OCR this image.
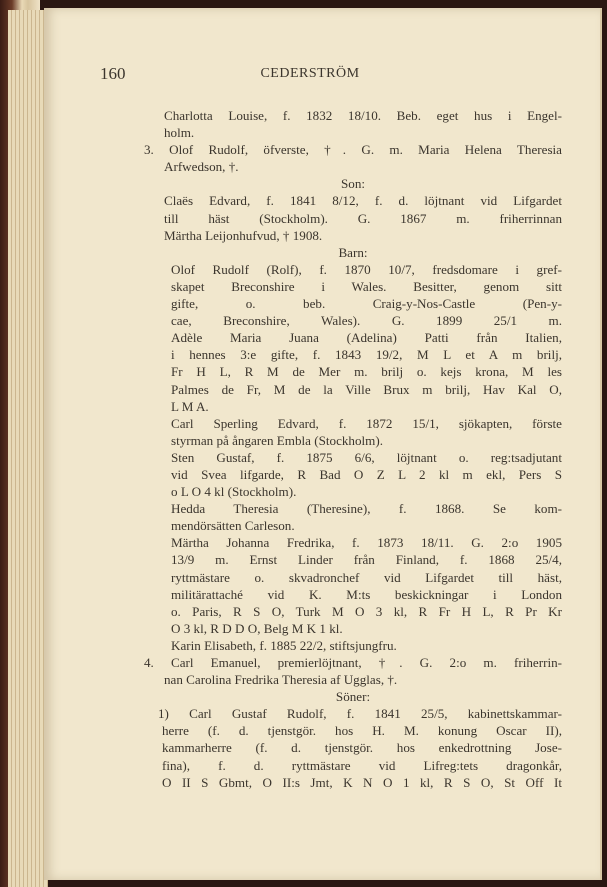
160	CEDERSTRÖM
Charlotta Louise, f. 1832 18/10. Beb. eget hus i Engel-
holm.
3. Olof Rudolf, öfverste, †. G. m. Maria Helena Theresia
Arfwedson, †.
Son:
Claës Edvard, f. 1841 8/12, f. d. löjtnant vid Lifgardet
till häst (Stockholm). G. 1867 m. friherrinnan
Märtha Leijonhufvud, † 1908.
Barn:
Olof Rudolf (Rolf), f. 1870 10/7, fredsdomare i gref-
skapet Breconshire i Wales. Besitter, genom sitt
gifte, o. beb. Craig-y-Nos-Castle (Pen-y-
cae, Breconshire, Wales). G. 1899 25/1 m.
Adèle Maria Juana (Adelina) Patti från Italien,
i hennes 3:e gifte, f. 1843 19/2, M L et A m brilj,
Fr H L, R M de Mer m. brilj o. kejs krona, M les
Palmes de Fr, M de la Ville Brux m brilj, Hav Kal O,
L M A.
Carl Sperling Edvard, f. 1872 15/1, sjökapten, förste
styrman på ångaren Embla (Stockholm).
Sten Gustaf, f. 1875 6/6, löjtnant o. reg:tsadjutant
vid Svea lifgarde, R Bad O Z L 2 kl m ekl, Pers S
o L O 4 kl (Stockholm).
Hedda Theresia (Theresine), f. 1868. Se kom-
mendörsätten Carleson.
Märtha Johanna Fredrika, f. 1873 18/11. G. 2:o 1905
13/9 m. Ernst Linder från Finland, f. 1868 25/4,
ryttmästare o. skvadronchef vid Lifgardet till häst,
militärattaché vid K. M:ts beskickningar i London
o. Paris, R S O, Turk M O 3 kl, R Fr H L, R Pr Kr
O 3 kl, R D D O, Belg M K 1 kl.
Karin Elisabeth, f. 1885 22/2, stiftsjungfru.
4. Carl Emanuel, premierlöjtnant, †. G. 2:o m. friherrin-
nan Carolina Fredrika Theresia af Ugglas, †.
Söner:
1) Carl Gustaf Rudolf, f. 1841 25/5, kabinettskammar-
herre (f. d. tjenstgör. hos H. M. konung Oscar II),
kammarherre (f. d. tjenstgör. hos enkedrottning Jose-
fina), f. d. ryttmästare vid Lifreg:tets dragonkår,
O II S Gbmt, O II:s Jmt, K N O 1 kl, R S O, St Off It
